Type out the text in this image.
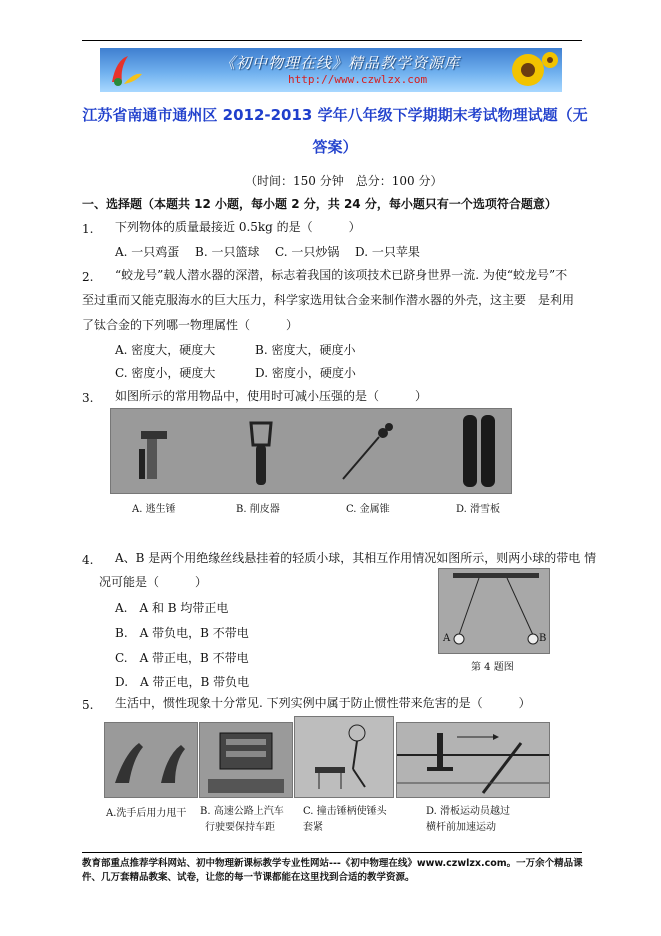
《初中物理在线》精品教学资源库
http://www.czwlzx.com
江苏省南通市通州区 2012-2013 学年八年级下学期期末考试物理试题（无
答案）
（时间：150 分钟　总分：100 分）
一、选择题（本题共 12 小题，每小题 2 分，共 24 分，每小题只有一个选项符合题意）
1. 下列物体的质量最接近 0.5kg 的是（　　　）
A. 一只鸡蛋 B. 一只篮球 C. 一只炒锅 D. 一只苹果
2. “蛟龙号”载人潜水器的深潜，标志着我国的该项技术已跻身世界一流. 为使“蛟龙号”不
至过重而又能克服海水的巨大压力，科学家选用钛合金来制作潜水器的外壳，这主要　是利用
了钛合金的下列哪一物理属性（　　　）
A. 密度大，硬度大	B. 密度大，硬度小
C. 密度小，硬度大	D. 密度小，硬度小
3. 如图所示的常用物品中，使用时可减小压强的是（　　　）
A. 逃生锤	B. 削皮器	C. 金属锥	D. 滑雪板
4. A、B 是两个用绝缘丝线悬挂着的轻质小球，其相互作用情况如图所示，则两小球的带电 情
况可能是（　　　）
A.　A 和 B 均带正电
B.　A 带负电，B 不带电
C.　A 带正电，B 不带电
D.　A 带正电，B 带负电
A	B
第 4 题图
5. 生活中，惯性现象十分常见. 下列实例中属于防止惯性带来危害的是（　　　）
A.洗手后用力甩干 B. 高速公路上汽车
行驶要保持车距
C. 撞击锤柄使锤头
套紧
D. 滑板运动员越过
横杆前加速运动
教育部重点推荐学科网站、初中物理新课标教学专业性网站---《初中物理在线》www.czwlzx.com。一万余个精品课
件、几万套精品教案、试卷，让您的每一节课都能在这里找到合适的教学资源。
